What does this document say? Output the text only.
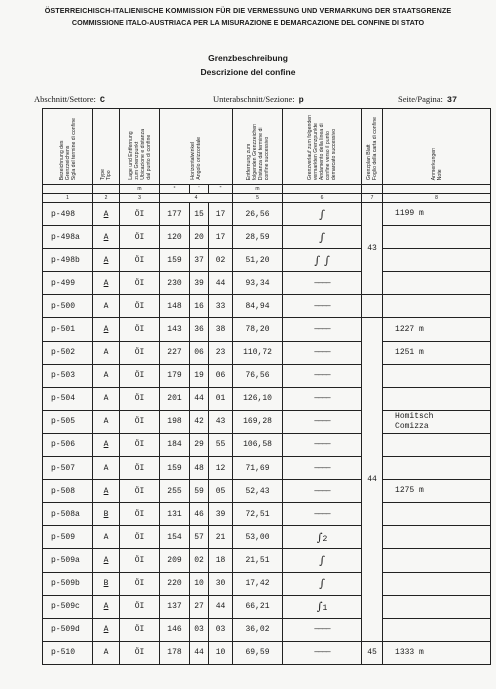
ÖSTERREICHISCH-ITALIENISCHE KOMMISSION FÜR DIE VERMESSUNG UND VERMARKUNG DER STAATSGRENZE
COMMISSIONE ITALO-AUSTRIACA PER LA MISURAZIONE E DEMARCAZIONE DEL CONFINE DI STATO
Grenzbeschreibung
Descrizione del confine
Abschnitt/Settore: C	Unterabschnitt/Sezione: p	Seite/Pagina: 37
Bezeichnung des
Grenzzeichens
Sigla del termine di confine	Type
Tipo	Lage und Entfernung
zum Grenzpunkt
Ubicazione e distanza
dal punto di confine	Horizontalwinkel
Angolo orizzontale			Entfernung zum
folgenden Grenzzeichen
Distanza dal termine di
confine successivo	Grenzverlauf zum folgenden
vermarkten Grenzpunkte
Andamento della linea di
confine verso il punto
demarcato successivo	Grenzplan Blatt
Foglio della carta di confine	Anmerkungen
Note

		m	°	'	"	m			
1	2	3	4			5	6	7	8
p-498	A	ÖI	177	15	17	26,56	∫	43	1199 m
p-498a	A	ÖI	120	20	17	28,59	∫		
p-498b	A	ÖI	159	37	02	51,20	∫ ∫		
p-499	A	ÖI	230	39	44	93,34	————		
p-500	A	ÖI	148	16	33	84,94	————		
p-501	A	ÖI	143	36	38	78,20	————	44	1227 m
p-502	A	ÖI	227	06	23	110,72	————		1251 m
p-503	A	ÖI	179	19	06	76,56	————		
p-504	A	ÖI	201	44	01	126,10	————		
p-505	A	ÖI	198	42	43	169,28	————		Homitsch
Comizza
p-506	A	ÖI	184	29	55	106,58	————		
p-507	A	ÖI	159	48	12	71,69	————		
p-508	A	ÖI	255	59	05	52,43	————		1275 m
p-508a	B	ÖI	131	46	39	72,51	————		
p-509	A	ÖI	154	57	21	53,00	∫2		
p-509a	A	ÖI	209	02	18	21,51	∫		
p-509b	B	ÖI	220	10	30	17,42	∫		
p-509c	A	ÖI	137	27	44	66,21	∫1		
p-509d	A	ÖI	146	03	03	36,02	————		
p-510	A	ÖI	178	44	10	69,59	————	45	1333 m
